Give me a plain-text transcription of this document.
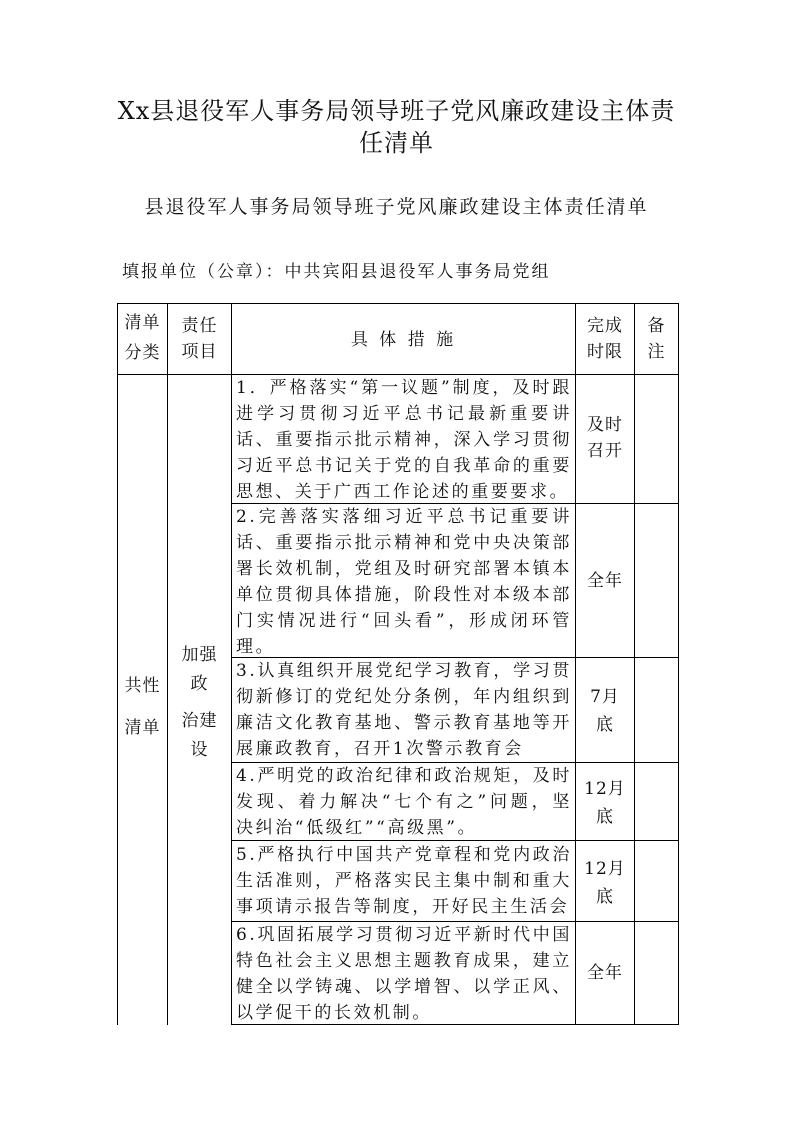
Xx县退役军人事务局领导班子党风廉政建设主体责
任清单
县退役军人事务局领导班子党风廉政建设主体责任清单
填报单位（公章）：中共宾阳县退役军人事务局党组
清单
分类
责任
项目
具 体 措 施
完成
时限
备
注
共性
清单
加强
政
治建
设
1．严格落实“第一议题”制度，及时跟进学习贯彻习近平总书记最新重要讲话、重要指示批示精神，深入学习贯彻习近平总书记关于党的自我革命的重要思想、关于广西工作论述的重要要求。
及时
召开
2.完善落实落细习近平总书记重要讲话、重要指示批示精神和党中央决策部署长效机制，党组及时研究部署本镇本单位贯彻具体措施，阶段性对本级本部门实情况进行“回头看”，形成闭环管理。
全年
3.认真组织开展党纪学习教育，学习贯彻新修订的党纪处分条例，年内组织到廉洁文化教育基地、警示教育基地等开展廉政教育，召开1次警示教育会
7月
底
4.严明党的政治纪律和政治规矩，及时发现、着力解决“七个有之”问题，坚决纠治“低级红”“高级黑”。
12月
底
5.严格执行中国共产党章程和党内政治生活准则，严格落实民主集中制和重大事项请示报告等制度，开好民主生活会
12月
底
6.巩固拓展学习贯彻习近平新时代中国特色社会主义思想主题教育成果，建立健全以学铸魂、以学增智、以学正风、以学促干的长效机制。
全年
